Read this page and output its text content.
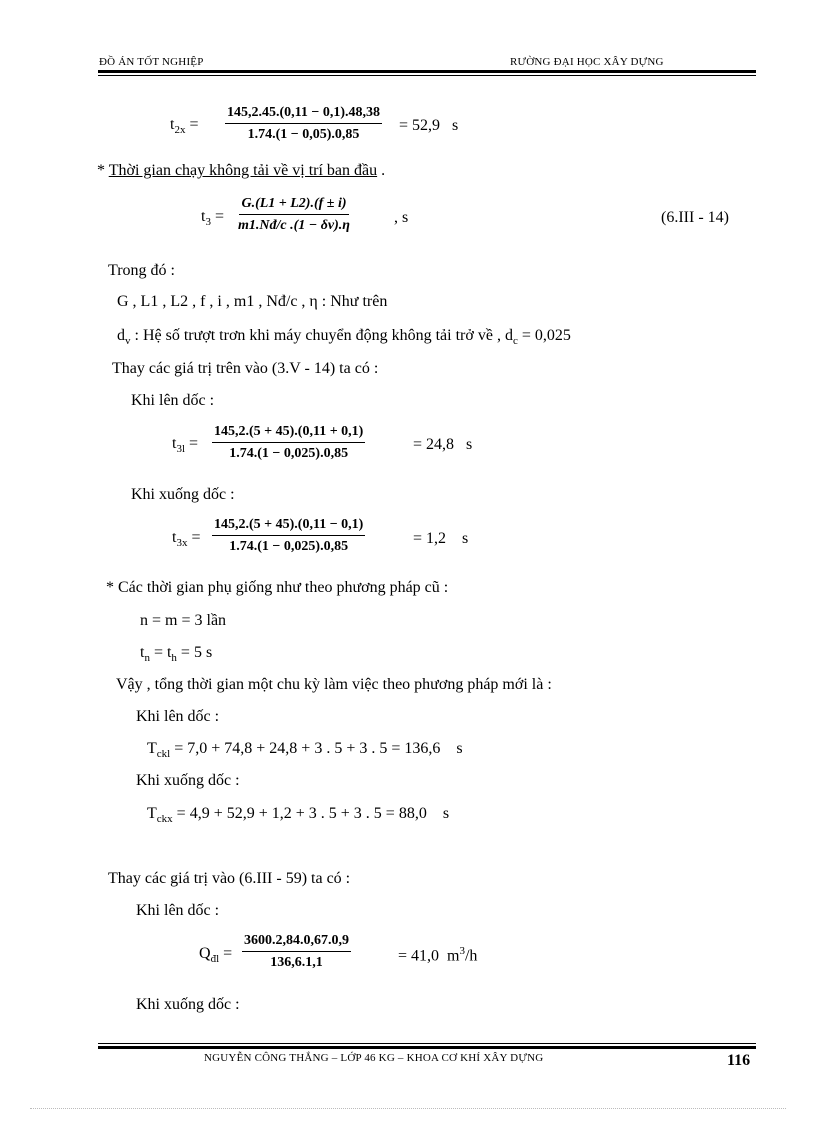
ĐỒ ÁN TỐT NGHIỆP	RƯỜNG ĐẠI HỌC XÂY DỰNG
$t_{2x} = \frac{145,2.45.(0,11 - 0,1).48,38}{1.74.(1 - 0,05).0,85} = 52,9$ s
* Thời gian chạy không tải về vị trí ban đầu .
$t_3 = \frac{G.(L1 + L2).(f \pm i)}{m1.Nđ/c .(1 - \delta v).\eta}$	, s	(6.III - 14)
Trong đó :
G , L1 , L2 , f , i , m1 , Nđ/c , η : Như trên
$d_v$ : Hệ số trượt trơn khi máy chuyển động không tải trở về , $d_c = 0,025$
Thay các giá trị trên vào (3.V - 14) ta có :
Khi lên dốc :
$t_{3l} = \frac{145,2.(5 + 45).(0,11 + 0,1)}{1.74.(1 - 0,025).0,85}$	= 24,8 s
Khi xuống dốc :
$t_{3x} = \frac{145,2.(5 + 45).(0,11 - 0,1)}{1.74.(1 - 0,025).0,85}$	= 1,2 s
* Các thời gian phụ giống như theo phương pháp cũ :
n = m = 3 lần
$t_n = t_h = 5$ s
Vậy , tổng thời gian một chu kỳ làm việc theo phương pháp mới là :
Khi lên dốc :
$T_{ckl} = 7,0 + 74,8 + 24,8 + 3$ . 5 + 3 . 5 = 136,6 s
Khi xuống dốc :
$T_{ckx} = 4,9 + 52,9 + 1,2 + 3$ . 5 + 3 . 5 = 88,0 s
Thay các giá trị vào (6.III - 59) ta có :
Khi lên dốc :
$Q_{đl} = \frac{3600.2,84.0,67.0,9}{136,6.1,1}$	= 41,0 $m^3/h$
Khi xuống dốc :
NGUYỄN CÔNG THẮNG – LỚP 46 KG – KHOA CƠ KHÍ XÂY DỰNG	116
